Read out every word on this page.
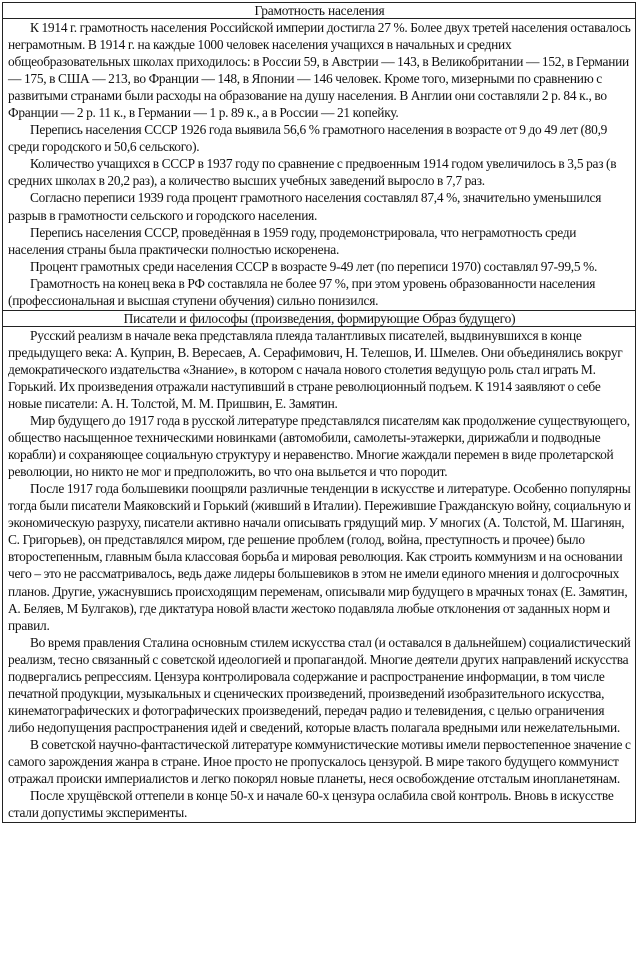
Грамотность населения

К 1914 г. грамотность населения Российской империи достигла 27 %. Более двух третей населения оставалось неграмотным. В 1914 г. на каждые 1000 человек населения учащихся в начальных и средних общеобразовательных школах приходилось: в России 59, в Австрии — 143, в Великобритании — 152, в Германии — 175, в США — 213, во Франции — 148, в Японии — 146 человек. Кроме того, мизерными по сравнению с развитыми странами были расходы на образование на душу населения. В Англии они составляли 2 р. 84 к., во Франции — 2 р. 11 к., в Германии — 1 р. 89 к., а в России — 21 копейку.

Перепись населения СССР 1926 года выявила 56,6 % грамотного населения в возрасте от 9 до 49 лет (80,9 среди городского и 50,6 сельского).

Количество учащихся в СССР в 1937 году по сравнение с предвоенным 1914 годом увеличилось в 3,5 раз (в средних школах в 20,2 раз), а количество высших учебных заведений выросло в 7,7 раз.

Согласно переписи 1939 года процент грамотного населения составлял 87,4 %, значительно уменьшился разрыв в грамотности сельского и городского населения.

Перепись населения СССР, проведённая в 1959 году, продемонстрировала, что неграмотность среди населения страны была практически полностью искоренена.

Процент грамотных среди населения СССР в возрасте 9-49 лет (по переписи 1970) составлял 97-99,5 %.

Грамотность на конец века в РФ составляла не более 97 %, при этом уровень образованности населения (профессиональная и высшая ступени обучения) сильно понизился.

Писатели и философы (произведения, формирующие Образ будущего)

Русский реализм в начале века представляла плеяда талантливых писателей, выдвинувшихся в конце предыдущего века: А. Куприн, В. Вересаев, А. Серафимович, Н. Телешов, И. Шмелев. Они объединялись вокруг демократического издательства «Знание», в котором с начала нового столетия ведущую роль стал играть М. Горький. Их произведения отражали наступивший в стране революционный подъем. К 1914 заявляют о себе новые писатели: А. Н. Толстой, М. М. Пришвин, Е. Замятин.

Мир будущего до 1917 года в русской литературе представлялся писателям как продолжение существующего, общество насыщенное техническими новинками (автомобили, самолеты-этажерки, дирижабли и подводные корабли) и сохраняющее социальную структуру и неравенство. Многие жаждали перемен в виде пролетарской революции, но никто не мог и предположить, во что она выльется и что породит.

После 1917 года большевики поощряли различные тенденции в искусстве и литературе. Особенно популярны тогда были писатели Маяковский и Горький (живший в Италии). Пережившие Гражданскую войну, социальную и экономическую разруху, писатели активно начали описывать грядущий мир. У многих (А. Толстой, М. Шагинян, С. Григорьев), он представлялся миром, где решение проблем (голод, война, преступность и прочее) было второстепенным, главным была классовая борьба и мировая революция. Как строить коммунизм и на основании чего – это не рассматривалось, ведь даже лидеры большевиков в этом не имели единого мнения и долгосрочных планов. Другие, ужаснувшись происходящим переменам, описывали мир будущего в мрачных тонах (Е. Замятин, А. Беляев, М Булгаков), где диктатура новой власти жестоко подавляла любые отклонения от заданных норм и правил.

Во время правления Сталина основным стилем искусства стал (и оставался в дальнейшем) социалистический реализм, тесно связанный с советской идеологией и пропагандой. Многие деятели других направлений искусства подвергались репрессиям. Цензура контролировала содержание и распространение информации, в том числе печатной продукции, музыкальных и сценических произведений, произведений изобразительного искусства, кинематографических и фотографических произведений, передач радио и телевидения, с целью ограничения либо недопущения распространения идей и сведений, которые власть полагала вредными или нежелательными.

В советской научно-фантастической литературе коммунистические мотивы имели первостепенное значение с самого зарождения жанра в стране. Иное просто не пропускалось цензурой. В мире такого будущего коммунист отражал происки империалистов и легко покорял новые планеты, неся освобождение отсталым инопланетянам.

После хрущёвской оттепели в конце 50-х и начале 60-х цензура ослабила свой контроль. Вновь в искусстве стали допустимы эксперименты.
